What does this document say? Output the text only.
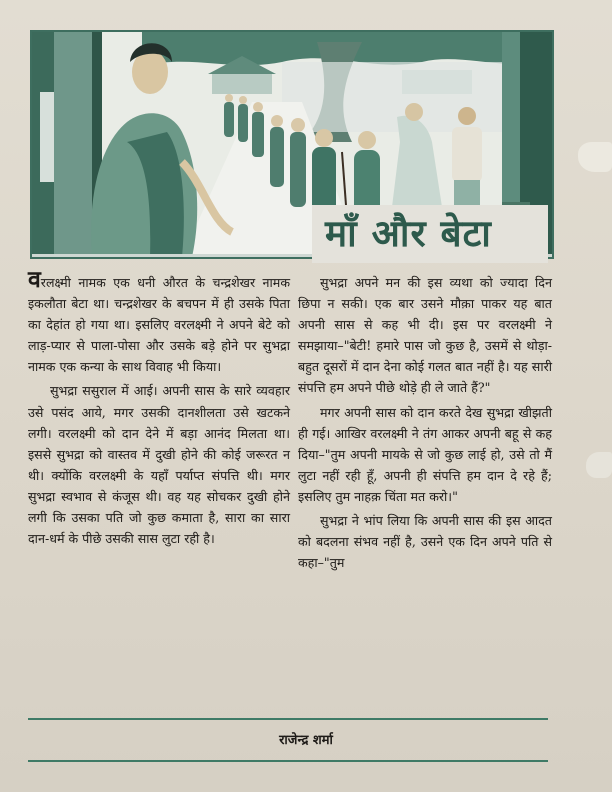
माँ और बेटा

वरलक्ष्मी नामक एक धनी औरत के चन्द्रशेखर नामक इकलौता बेटा था। चन्द्रशेखर के बचपन में ही उसके पिता का देहांत हो गया था। इसलिए वरलक्ष्मी ने अपने बेटे को लाड़-प्यार से पाला-पोसा और उसके बड़े होने पर सुभद्रा नामक एक कन्या के साथ विवाह भी किया।

सुभद्रा ससुराल में आई। अपनी सास के सारे व्यवहार उसे पसंद आये, मगर उसकी दानशीलता उसे खटकने लगी। वरलक्ष्मी को दान देने में बड़ा आनंद मिलता था। इससे सुभद्रा को वास्तव में दुखी होने की कोई जरूरत न थी। क्योंकि वरलक्ष्मी के यहाँ पर्याप्त संपत्ति थी। मगर सुभद्रा स्वभाव से कंजूस थी। वह यह सोचकर दुखी होने लगी कि उसका पति जो कुछ कमाता है, सारा का सारा दान-धर्म के पीछे उसकी सास लुटा रही है।

सुभद्रा अपने मन की इस व्यथा को ज्यादा दिन छिपा न सकी। एक बार उसने मौक़ा पाकर यह बात अपनी सास से कह भी दी। इस पर वरलक्ष्मी ने समझाया–"बेटी! हमारे पास जो कुछ है, उसमें से थोड़ा-बहुत दूसरों में दान देना कोई गलत बात नहीं है। यह सारी संपत्ति हम अपने पीछे थोड़े ही ले जाते हैं?"

मगर अपनी सास को दान करते देख सुभद्रा खीझती ही गई। आखिर वरलक्ष्मी ने तंग आकर अपनी बहू से कह दिया–"तुम अपनी मायके से जो कुछ लाई हो, उसे तो मैं लुटा नहीं रही हूँ, अपनी ही संपत्ति हम दान दे रहे हैं; इसलिए तुम नाहक़ चिंता मत करो।"

सुभद्रा ने भांप लिया कि अपनी सास की इस आदत को बदलना संभव नहीं है, उसने एक दिन अपने पति से कहा–"तुम

राजेन्द्र शर्मा
